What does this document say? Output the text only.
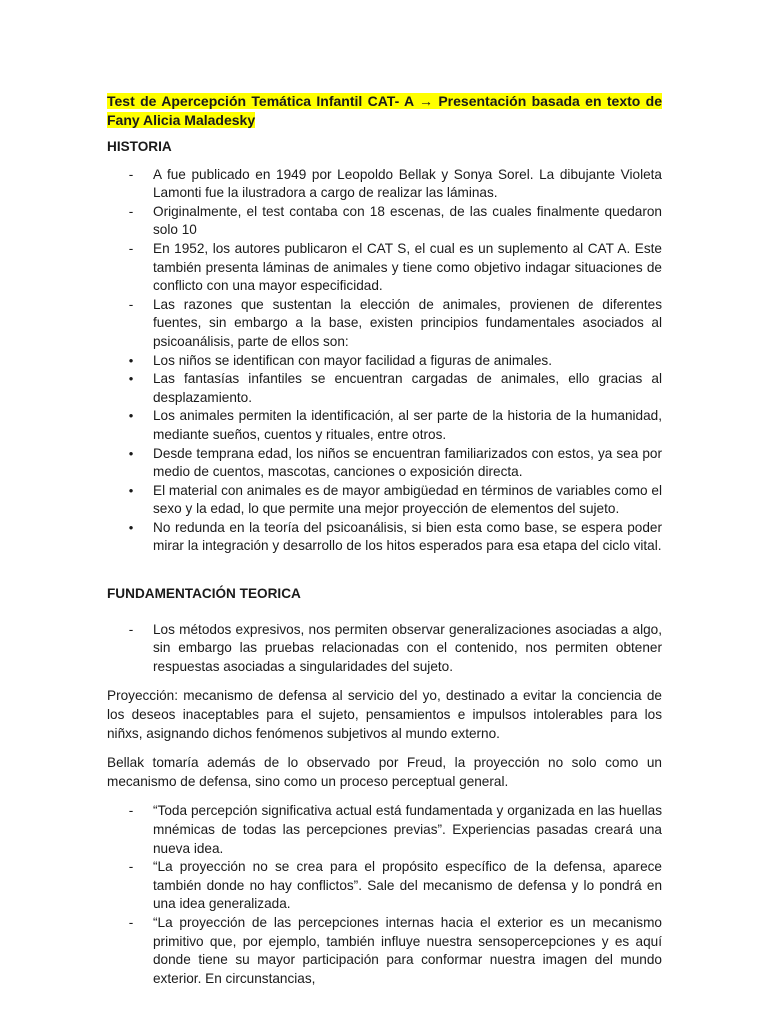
Test de Apercepción Temática Infantil CAT- A → Presentación basada en texto de Fany Alicia Maladesky

HISTORIA

- A fue publicado en 1949 por Leopoldo Bellak y Sonya Sorel. La dibujante Violeta Lamonti fue la ilustradora a cargo de realizar las láminas.
- Originalmente, el test contaba con 18 escenas, de las cuales finalmente quedaron solo 10
- En 1952, los autores publicaron el CAT S, el cual es un suplemento al CAT A. Este también presenta láminas de animales y tiene como objetivo indagar situaciones de conflicto con una mayor especificidad.
- Las razones que sustentan la elección de animales, provienen de diferentes fuentes, sin embargo a la base, existen principios fundamentales asociados al psicoanálisis, parte de ellos son:
• Los niños se identifican con mayor facilidad a figuras de animales.
• Las fantasías infantiles se encuentran cargadas de animales, ello gracias al desplazamiento.
• Los animales permiten la identificación, al ser parte de la historia de la humanidad, mediante sueños, cuentos y rituales, entre otros.
• Desde temprana edad, los niños se encuentran familiarizados con estos, ya sea por medio de cuentos, mascotas, canciones o exposición directa.
• El material con animales es de mayor ambigüedad en términos de variables como el sexo y la edad, lo que permite una mejor proyección de elementos del sujeto.
• No redunda en la teoría del psicoanálisis, si bien esta como base, se espera poder mirar la integración y desarrollo de los hitos esperados para esa etapa del ciclo vital.

FUNDAMENTACIÓN TEORICA

- Los métodos expresivos, nos permiten observar generalizaciones asociadas a algo, sin embargo las pruebas relacionadas con el contenido, nos permiten obtener respuestas asociadas a singularidades del sujeto.

Proyección: mecanismo de defensa al servicio del yo, destinado a evitar la conciencia de los deseos inaceptables para el sujeto, pensamientos e impulsos intolerables para los niñxs, asignando dichos fenómenos subjetivos al mundo externo.

Bellak tomaría además de lo observado por Freud, la proyección no solo como un mecanismo de defensa, sino como un proceso perceptual general.

- “Toda percepción significativa actual está fundamentada y organizada en las huellas mnémicas de todas las percepciones previas”. Experiencias pasadas creará una nueva idea.
- “La proyección no se crea para el propósito específico de la defensa, aparece también donde no hay conflictos”. Sale del mecanismo de defensa y lo pondrá en una idea generalizada.
- “La proyección de las percepciones internas hacia el exterior es un mecanismo primitivo que, por ejemplo, también influye nuestra sensopercepciones y es aquí donde tiene su mayor participación para conformar nuestra imagen del mundo exterior. En circunstancias,
